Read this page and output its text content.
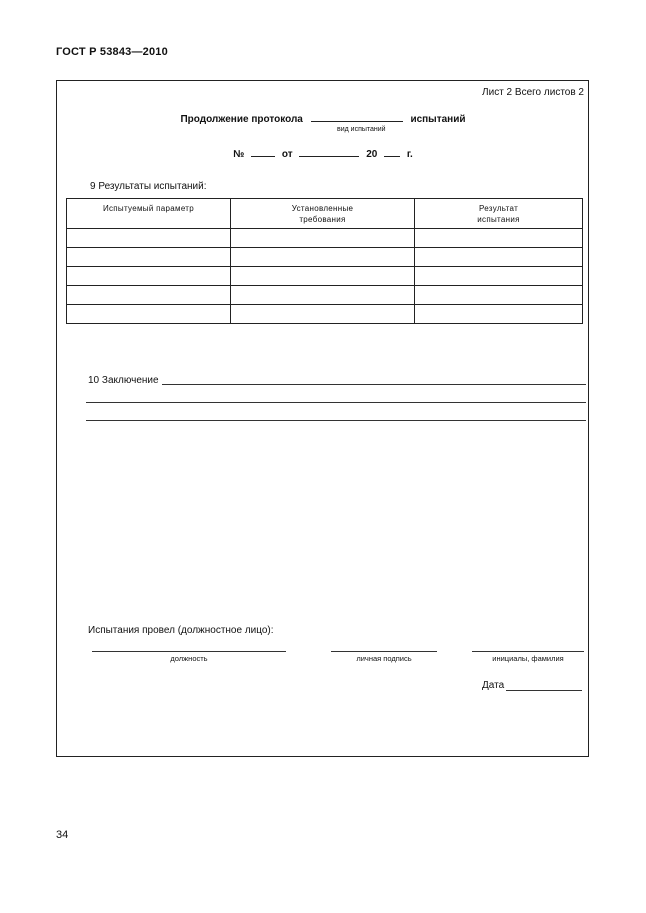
ГОСТ Р 53843—2010
Лист 2 Всего листов 2
Продолжение протокола	испытаний
вид испытаний
№	от	20	г.
9 Результаты испытаний:
Испытуемый параметр	Установленные требования	Результат испытания

10 Заключение
Испытания провел (должностное лицо):
должность	личная подпись	инициалы, фамилия
Дата
34
